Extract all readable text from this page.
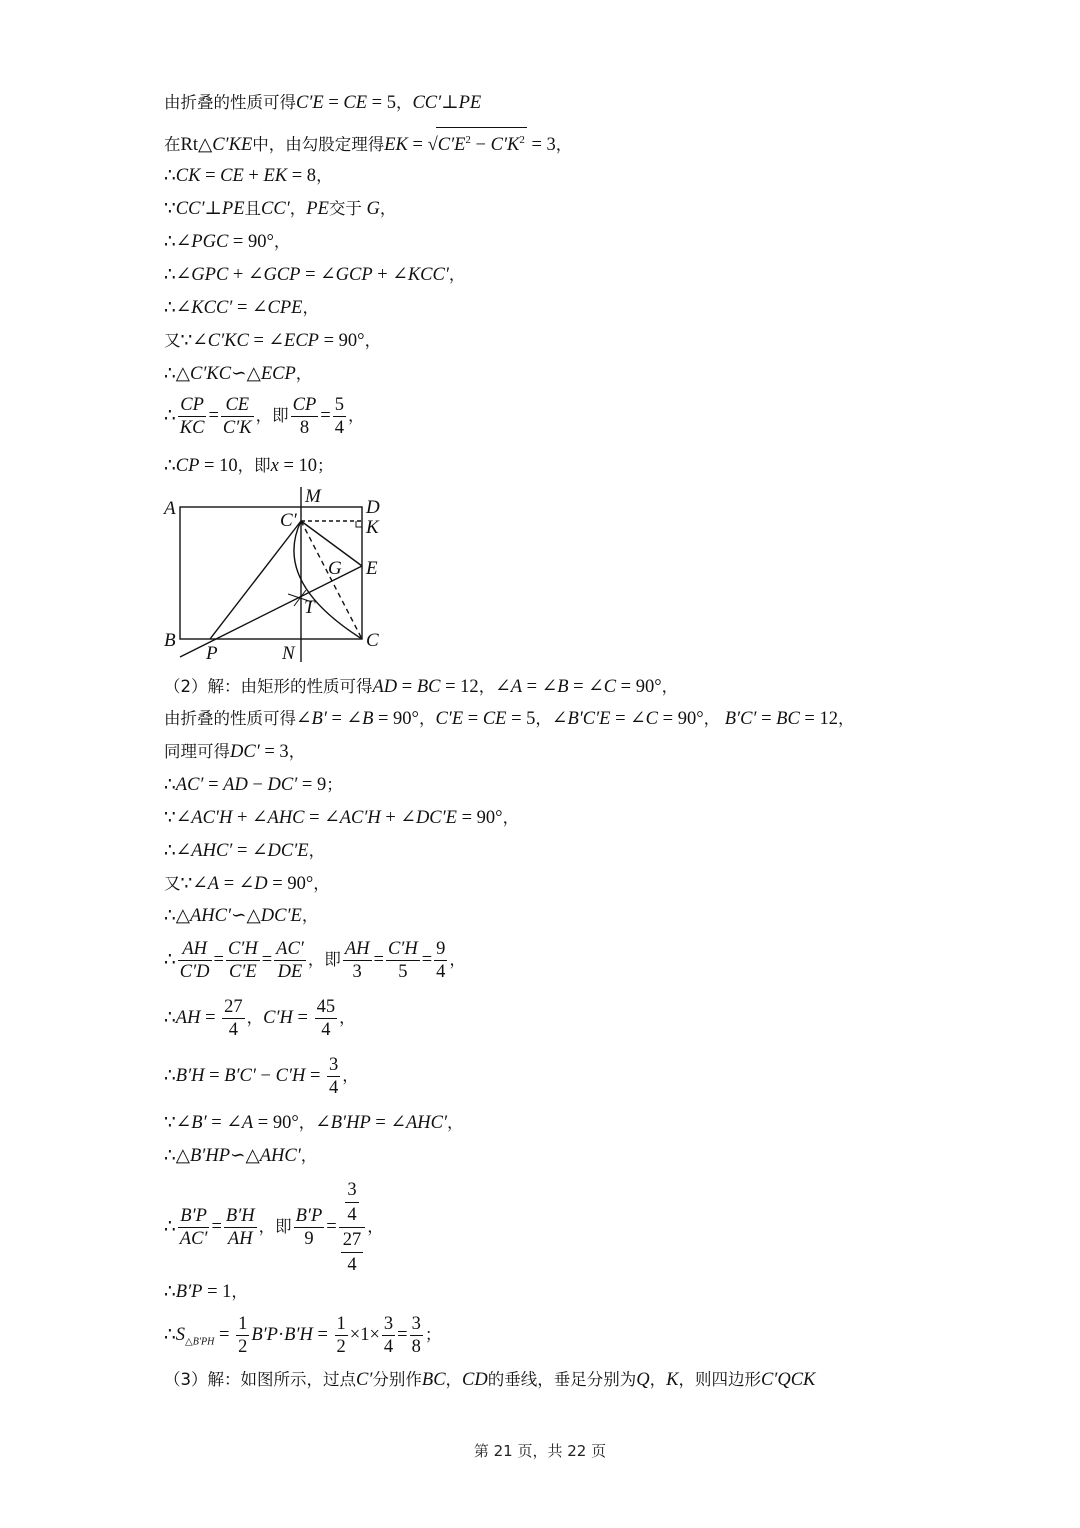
由折叠的性质可得C′E = CE = 5，CC′⊥PE
在Rt△C′KE中，由勾股定理得EK = $√C'E^2 - C'K^2 = 3$，
∴CK = CE + EK = 8，
∵CC′⊥PE且CC′，PE交于 G，
∴∠PGC = 90°，
∴∠GPC + ∠GCP = ∠GCP + ∠KCC′，
∴∠KCC′ = ∠CPE，
又∵∠C′KC = ∠ECP = 90°，
∴△C′KC∽△ECP，
∴ $\frac{CP}{KC} = \frac{CE}{C'K}$ ，即 $\frac{CP}{8} = \frac{5}{4}$ ，
∴CP = 10，即x = 10；
A
B	C
D
E
K
M
N
P
G
T
C′
（2）解：由矩形的性质可得AD = BC = 12，∠A = ∠B = ∠C = 90°，
由折叠的性质可得∠B′ = ∠B = 90°，C′E = CE = 5，∠B′C′E = ∠C = 90°， B′C′ = BC = 12，
同理可得DC′ = 3，
∴AC′ = AD − DC′ = 9；
∵∠AC′H + ∠AHC = ∠AC′H + ∠DC′E = 90°，
∴∠AHC′ = ∠DC′E，
又∵∠A = ∠D = 90°，
∴△AHC′∽△DC′E，
∴ $\frac{AH}{C'D} = \frac{C'H}{C'E} = \frac{AC'}{DE}$ ，即 $\frac{AH}{3} = \frac{C'H}{5} = \frac{9}{4}$ ，
∴AH = $\frac{27}{4}$ ，$C'H = \frac{45}{4}$ ，
∴B′H = $B'C' - C'H = \frac{3}{4}$ ，
∵∠B′ = ∠A = 90°，∠B′HP = ∠AHC′，
∴△B′HP∽△AHC′，
∴ $\frac{B'P}{AC'} = \frac{B'H}{AH}$ ，即 $\frac{B'P}{9} = \frac{\frac{3}{4}}{\frac{27}{4}}$ ，
∴B′P = 1，
$\therefore S_{\triangle B'PH} = \frac{1}{2} B'P\cdot B'H = \frac{1}{2} \times 1\times \frac{3}{4} = \frac{3}{8}$ ；
（3）解：如图所示，过点C′分别作BC，CD的垂线，垂足分别为Q，K，则四边形C′QCK
第 21 页，共 22 页
